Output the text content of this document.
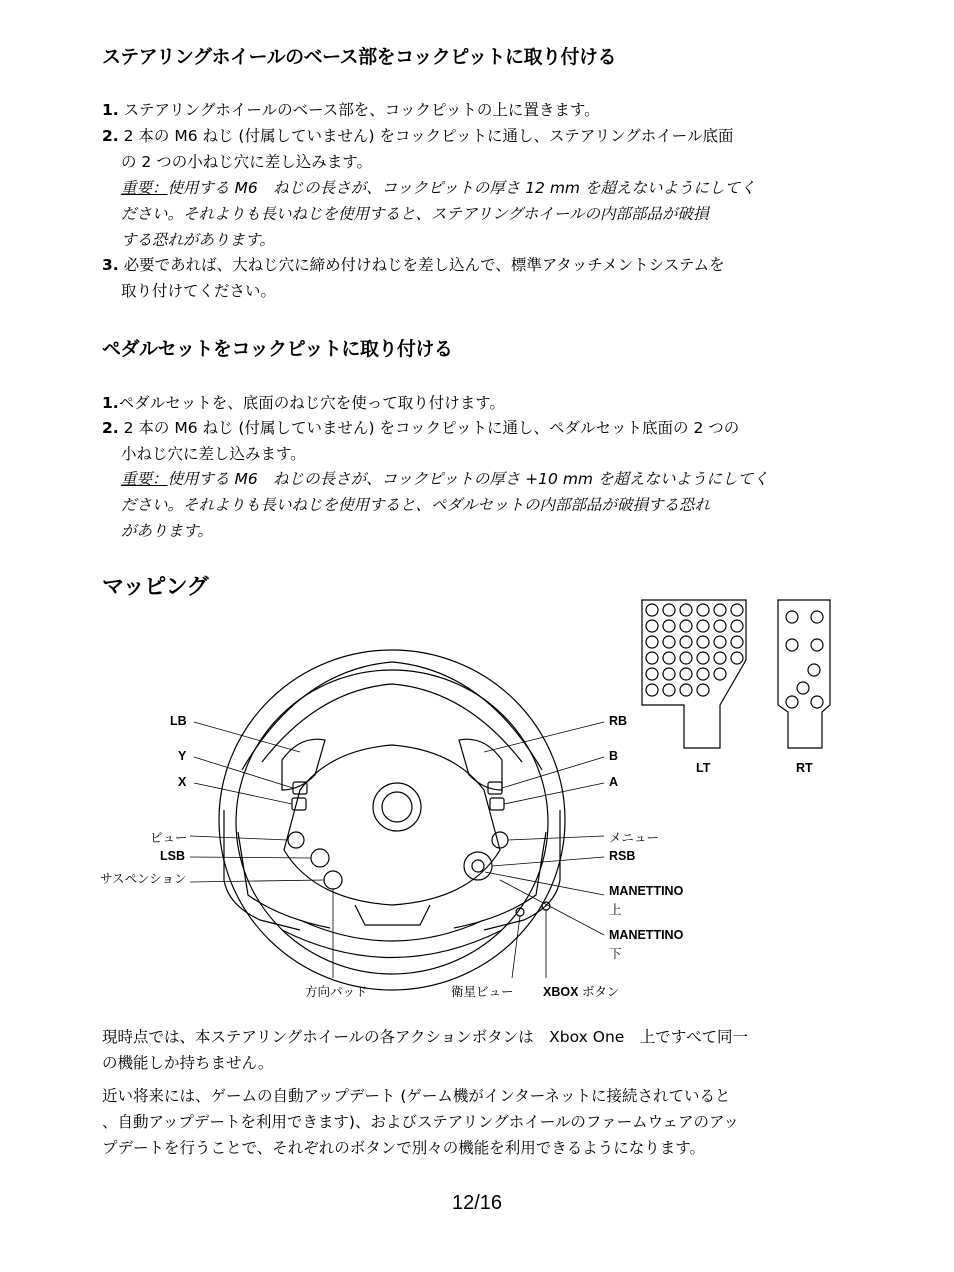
ステアリングホイールのベース部をコックピットに取り付ける
1. ステアリングホイールのベース部を、コックピットの上に置きます。
2. 2 本の M6 ねじ (付属していません) をコックピットに通し、ステアリングホイール底面
の 2 つの小ねじ穴に差し込みます。
重要：使用する M6　ねじの長さが、コックピットの厚さ 12 mm を超えないようにしてく
ださい。それよりも長いねじを使用すると、ステアリングホイールの内部部品が破損
する恐れがあります。
3. 必要であれば、大ねじ穴に締め付けねじを差し込んで、標準アタッチメントシステムを
取り付けてください。
ペダルセットをコックピットに取り付ける
1.ペダルセットを、底面のねじ穴を使って取り付けます。
2. 2 本の M6 ねじ (付属していません) をコックピットに通し、ペダルセット底面の 2 つの
小ねじ穴に差し込みます。
重要：使用する M6　ねじの長さが、コックピットの厚さ +10 mm を超えないようにしてく
ださい。それよりも長いねじを使用すると、ペダルセットの内部部品が破損する恐れ
があります。
マッピング
LB
Y
X
ビュー
LSB
サスペンション
RB
B
A
メニュー
RSB
MANETTINO
上
MANETTINO
下
方向パッド	衛星ビュー XBOX ボタン
LT	RT
現時点では、本ステアリングホイールの各アクションボタンは　Xbox One　上ですべて同一
の機能しか持ちません。
近い将来には、ゲームの自動アップデート (ゲーム機がインターネットに接続されていると
、自動アップデートを利用できます)、およびステアリングホイールのファームウェアのアッ
プデートを行うことで、それぞれのボタンで別々の機能を利用できるようになります。
12/16
